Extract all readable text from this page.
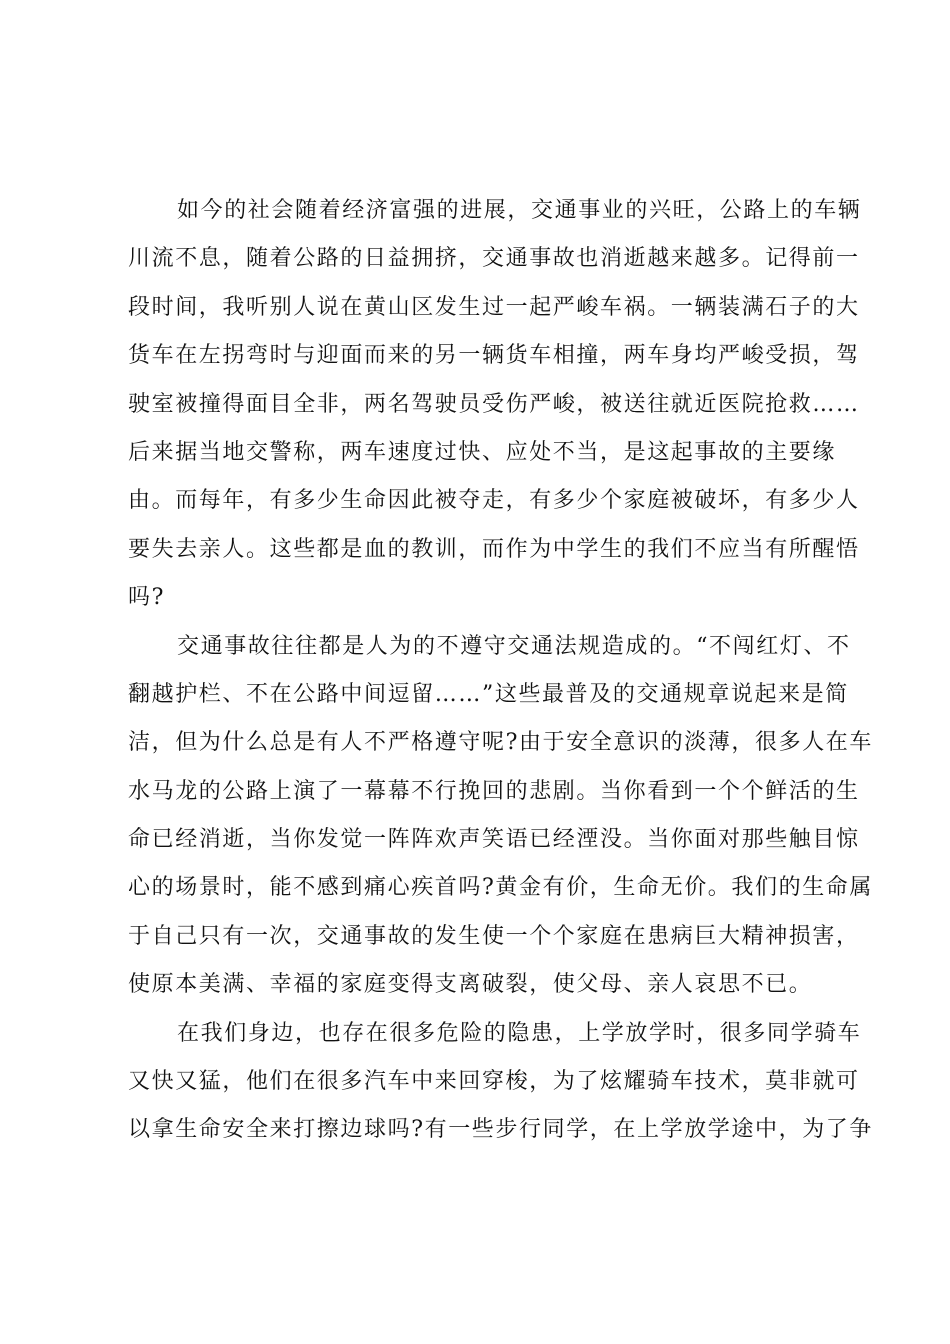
如今的社会随着经济富强的进展，交通事业的兴旺，公路上的车辆
川流不息，随着公路的日益拥挤，交通事故也消逝越来越多。记得前一
段时间，我听别人说在黄山区发生过一起严峻车祸。一辆装满石子的大
货车在左拐弯时与迎面而来的另一辆货车相撞，两车身均严峻受损，驾
驶室被撞得面目全非，两名驾驶员受伤严峻，被送往就近医院抢救……
后来据当地交警称，两车速度过快、应处不当，是这起事故的主要缘
由。而每年，有多少生命因此被夺走，有多少个家庭被破坏，有多少人
要失去亲人。这些都是血的教训，而作为中学生的我们不应当有所醒悟
吗?
交通事故往往都是人为的不遵守交通法规造成的。“不闯红灯、不
翻越护栏、不在公路中间逗留……”这些最普及的交通规章说起来是简
洁，但为什么总是有人不严格遵守呢?由于安全意识的淡薄，很多人在车
水马龙的公路上演了一幕幕不行挽回的悲剧。当你看到一个个鲜活的生
命已经消逝，当你发觉一阵阵欢声笑语已经湮没。当你面对那些触目惊
心的场景时，能不感到痛心疾首吗?黄金有价，生命无价。我们的生命属
于自己只有一次，交通事故的发生使一个个家庭在患病巨大精神损害，
使原本美满、幸福的家庭变得支离破裂，使父母、亲人哀思不已。
在我们身边，也存在很多危险的隐患，上学放学时，很多同学骑车
又快又猛，他们在很多汽车中来回穿梭，为了炫耀骑车技术，莫非就可
以拿生命安全来打擦边球吗?有一些步行同学，在上学放学途中，为了争
